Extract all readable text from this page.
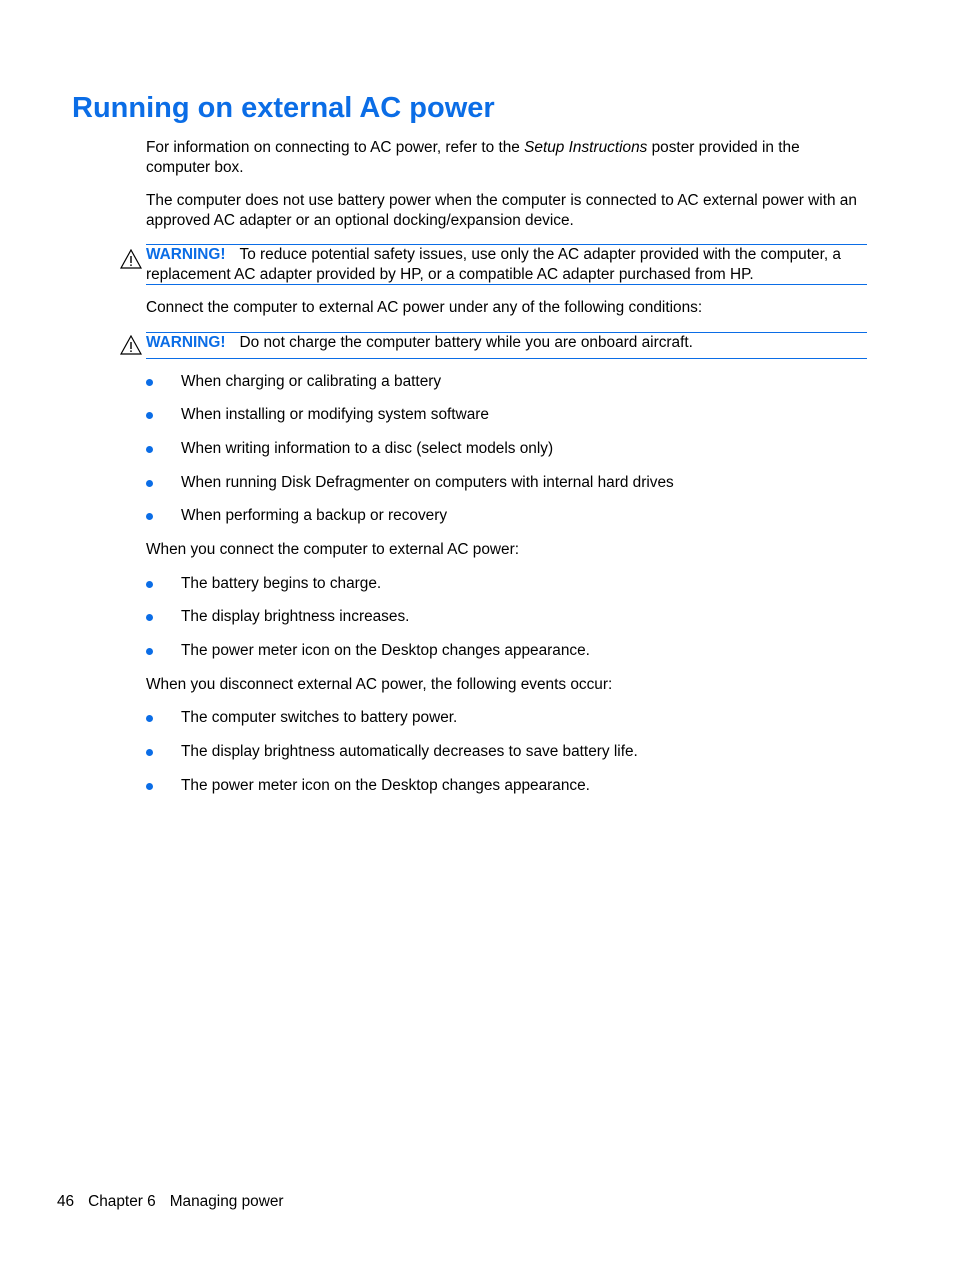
Running on external AC power

For information on connecting to AC power, refer to the Setup Instructions poster provided in the computer box.

The computer does not use battery power when the computer is connected to AC external power with an approved AC adapter or an optional docking/expansion device.

WARNING! To reduce potential safety issues, use only the AC adapter provided with the computer, a replacement AC adapter provided by HP, or a compatible AC adapter purchased from HP.

Connect the computer to external AC power under any of the following conditions:

WARNING! Do not charge the computer battery while you are onboard aircraft.
When charging or calibrating a battery
When installing or modifying system software
When writing information to a disc (select models only)
When running Disk Defragmenter on computers with internal hard drives
When performing a backup or recovery

When you connect the computer to external AC power:

The battery begins to charge.
The display brightness increases.
The power meter icon on the Desktop changes appearance.

When you disconnect external AC power, the following events occur:

The computer switches to battery power.
The display brightness automatically decreases to save battery life.
The power meter icon on the Desktop changes appearance.
46 Chapter 6 Managing power
